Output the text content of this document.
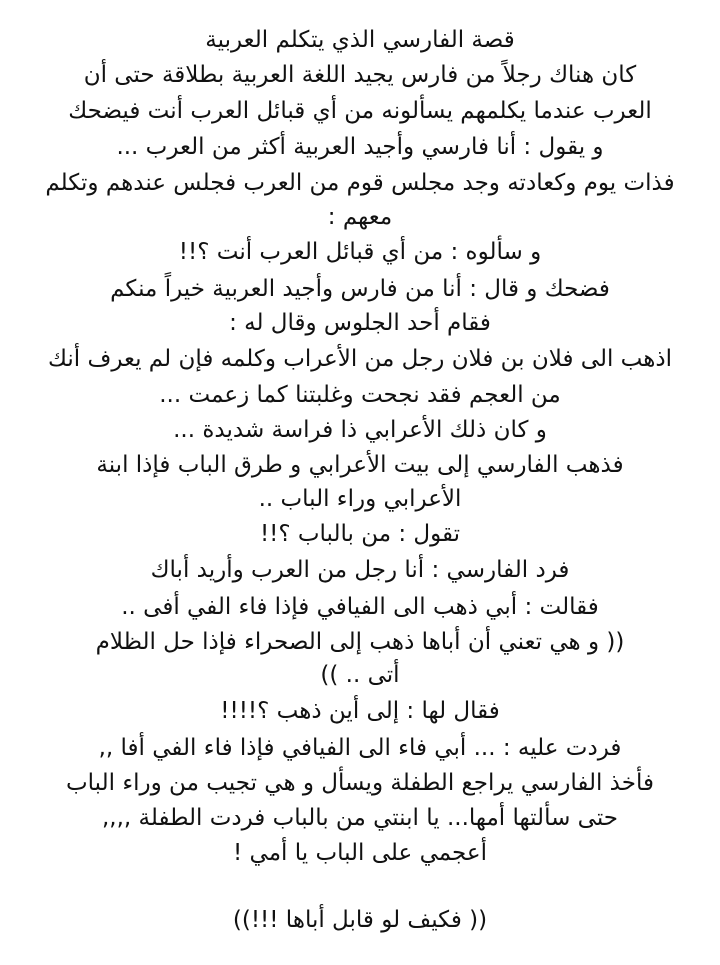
قصة الفارسي الذي يتكلم العربية
كان هناك رجلاً من فارس يجيد اللغة العربية بطلاقة حتى أن
العرب عندما يكلمهم يسألونه من أي قبائل العرب أنت فيضحك
و يقول : أنا فارسي وأجيد العربية أكثر من العرب ...
فذات يوم وكعادته وجد مجلس قوم من العرب فجلس عندهم وتكلم
معهم :
و سألوه : من أي قبائل العرب أنت ؟!!
فضحك و قال : أنا من فارس وأجيد العربية خيراً منكم
فقام أحد الجلوس وقال له :
اذهب الى فلان بن فلان رجل من الأعراب وكلمه فإن لم يعرف أنك
من العجم فقد نجحت وغلبتنا كما زعمت ...
و كان ذلك الأعرابي ذا فراسة شديدة ...
فذهب الفارسي إلى بيت الأعرابي و طرق الباب فإذا ابنة
الأعرابي وراء الباب ..
تقول : من بالباب ؟!!
فرد الفارسي : أنا رجل من العرب وأريد أباك
فقالت : أبي ذهب الى الفيافي فإذا فاء الفي أفى ..
(( و هي تعني أن أباها ذهب إلى الصحراء فإذا حل الظلام
أتى .. ))
فقال لها : إلى أين ذهب ؟!!!!
فردت عليه : ... أبي فاء الى الفيافي فإذا فاء الفي أفا ,,
فأخذ الفارسي يراجع الطفلة ويسأل و هي تجيب من وراء الباب
حتى سألتها أمها... يا ابنتي من بالباب فردت الطفلة ,,,,
أعجمي على الباب يا أمي !
(( فكيف لو قابل أباها !!!))
